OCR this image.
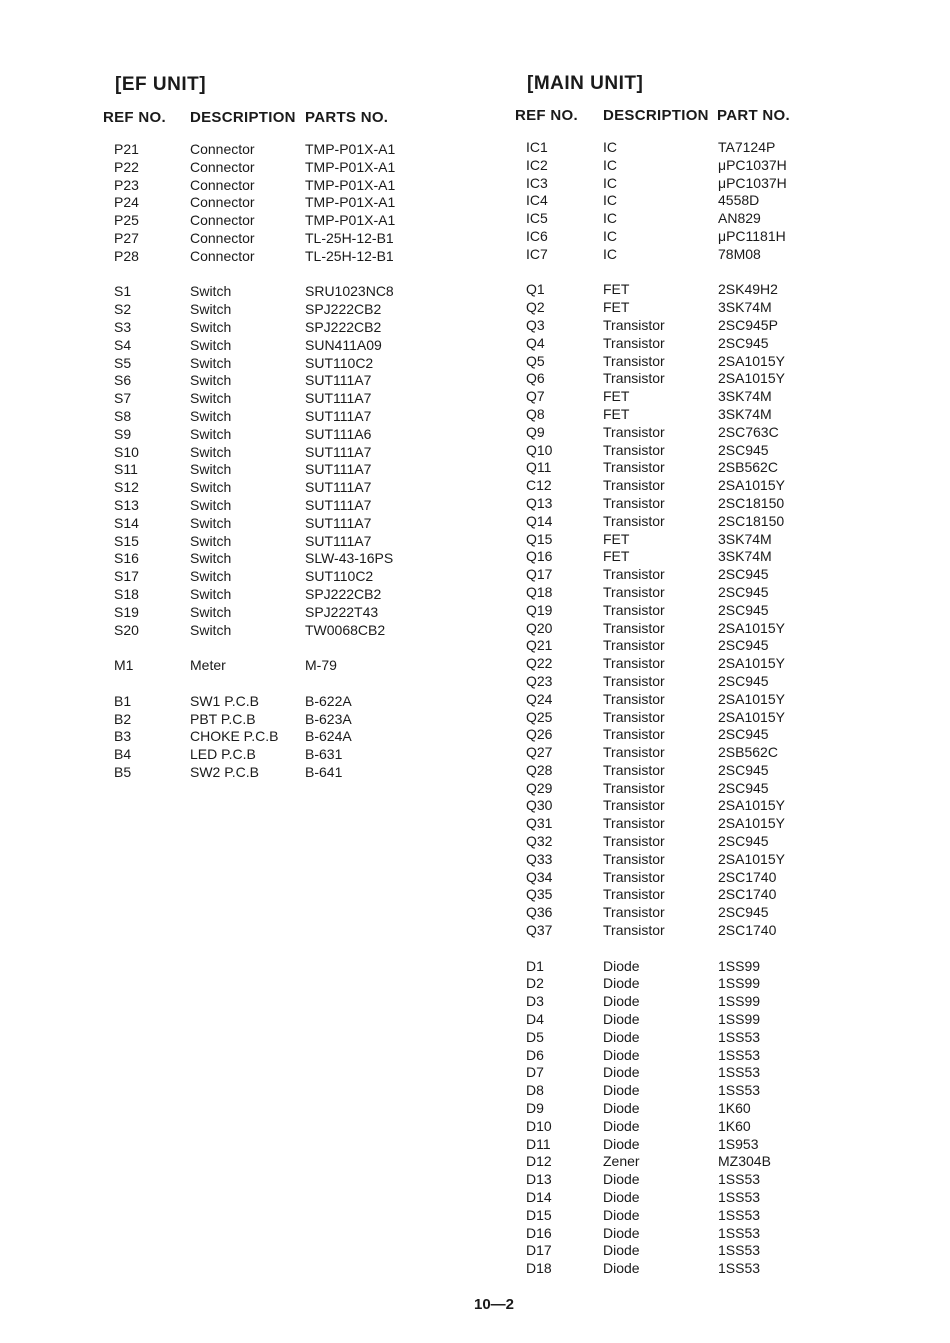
[EF UNIT]
REF NO. DESCRIPTION PARTS NO.
P21
P22
P23
P24
P25
P27
P28
S1
S2
S3
S4
S5
S6
S7
S8
S9
S10
S11
S12
S13
S14
S15
S16
S17
S18
S19
S20
M1
B1
B2
B3
B4
B5
Connector
Connector
Connector
Connector
Connector
Connector
Connector
Switch
Switch
Switch
Switch
Switch
Switch
Switch
Switch
Switch
Switch
Switch
Switch
Switch
Switch
Switch
Switch
Switch
Switch
Switch
Switch
Meter
SW1 P.C.B
PBT P.C.B
CHOKE P.C.B
LED P.C.B
SW2 P.C.B
TMP-P01X-A1
TMP-P01X-A1
TMP-P01X-A1
TMP-P01X-A1
TMP-P01X-A1
TL-25H-12-B1
TL-25H-12-B1
SRU1023NC8
SPJ222CB2
SPJ222CB2
SUN411A09
SUT110C2
SUT111A7
SUT111A7
SUT111A7
SUT111A6
SUT111A7
SUT111A7
SUT111A7
SUT111A7
SUT111A7
SUT111A7
SLW-43-16PS
SUT110C2
SPJ222CB2
SPJ222T43
TW0068CB2
M-79
B-622A
B-623A
B-624A
B-631
B-641
[MAIN UNIT]
REF NO. DESCRIPTION PART NO.
IC1
IC2
IC3
IC4
IC5
IC6
IC7
Q1
Q2
Q3
Q4
Q5
Q6
Q7
Q8
Q9
Q10
Q11
C12
Q13
Q14
Q15
Q16
Q17
Q18
Q19
Q20
Q21
Q22
Q23
Q24
Q25
Q26
Q27
Q28
Q29
Q30
Q31
Q32
Q33
Q34
Q35
Q36
Q37
D1
D2
D3
D4
D5
D6
D7
D8
D9
D10
D11
D12
D13
D14
D15
D16
D17
D18
IC
IC
IC
IC
IC
IC
IC
FET
FET
Transistor
Transistor
Transistor
Transistor
FET
FET
Transistor
Transistor
Transistor
Transistor
Transistor
Transistor
FET
FET
Transistor
Transistor
Transistor
Transistor
Transistor
Transistor
Transistor
Transistor
Transistor
Transistor
Transistor
Transistor
Transistor
Transistor
Transistor
Transistor
Transistor
Transistor
Transistor
Transistor
Transistor
Diode
Diode
Diode
Diode
Diode
Diode
Diode
Diode
Diode
Diode
Diode
Zener
Diode
Diode
Diode
Diode
Diode
Diode
TA7124P
μPC1037H
μPC1037H
4558D
AN829
μPC1181H
78M08
2SK49H2
3SK74M
2SC945P
2SC945
2SA1015Y
2SA1015Y
3SK74M
3SK74M
2SC763C
2SC945
2SB562C
2SA1015Y
2SC18150
2SC18150
3SK74M
3SK74M
2SC945
2SC945
2SC945
2SA1015Y
2SC945
2SA1015Y
2SC945
2SA1015Y
2SA1015Y
2SC945
2SB562C
2SC945
2SC945
2SA1015Y
2SA1015Y
2SC945
2SA1015Y
2SC1740
2SC1740
2SC945
2SC1740
1SS99
1SS99
1SS99
1SS99
1SS53
1SS53
1SS53
1SS53
1K60
1K60
1S953
MZ304B
1SS53
1SS53
1SS53
1SS53
1SS53
1SS53
10—2
